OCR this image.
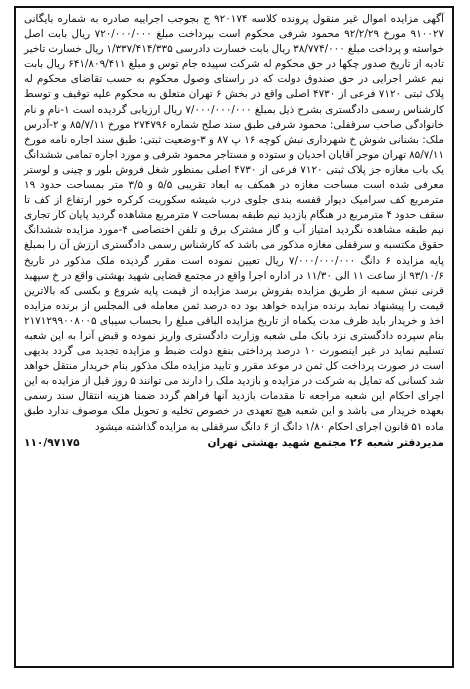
آگهی مزایده اموال غیر منقول پرونده کلاسه ۹۲۰۱۷۴ ج بجوجب اجراییه صادره به شماره بایگانی ۹۱۰۰۲۷ مورخ ۹۲/۲/۲۹ محمود شرفی محکوم است بپرداخت مبلغ ۷۲۰/۰۰۰/۰۰۰ ریال بابت اصل خواسته و پرداخت مبلغ ۳۸/۷۷۴/۰۰۰ ریال بابت خسارت دادرسی ۱/۳۳۷/۴۱۴/۳۳۵ ریال خسارت تاخیر تادیه از تاریخ صدور چکها در حق محکوم له شرکت سپیده جام توس و مبلغ ۶۴۱/۸۰۹/۴۱۱ ریال بابت نیم عشر اجرایی در حق صندوق دولت که در راستای وصول محکوم به حسب تقاضای محکوم له پلاک ثبتی ۷۱۲۰ فرعی از ۴۷۳۰ اصلی واقع در بخش ۶ تهران متعلق به محکوم علیه توقیف و توسط کارشناس رسمی دادگستری بشرح ذیل بمبلغ ۷/۰۰۰/۰۰۰/۰۰۰ ریال ارزیابی گردیده است ۱-نام و نام خانوادگی صاحب سرقفلی: محمود شرفی طبق سند صلح شماره ۲۷۴۷۹۶ مورخ ۸۵/۷/۱۱ و ۲-آدرس ملک: بشنانی شوش خ شهرداری نبش کوچه ۱۶ پ ۸۷ و ۳-وضعیت ثبتی: طبق سند اجاره نامه مورخ ۸۵/۷/۱۱ تهران موجر آقایان احدیان و ستوده و مستاجر محمود شرفی و مورد اجاره تمامی ششدانگ یک باب مغازه جز پلاک ثبتی ۷۱۲۰ فرعی از ۴۷۳۰ اصلی بمنظور شغل فروش بلور و چینی و لوستر معرفی شده است مساحت مغازه در همکف به ابعاد تقریبی ۵/۵ و ۳/۵ متر بمساحت حدود ۱۹ مترمربع کف سرامیک دیوار قفسه بندی جلوی درب شیشه سکوریت کرکره خور ارتفاع از کف تا سقف حدود ۴ مترمربع در هنگام بازدید نیم طبقه بمساحت ۷ مترمربع مشاهده گردید پایان کار تجاری نیم طبقه مشاهده نگردید امتیاز آب و گاز مشترک برق و تلفن اختصاصی ۴-مورد مزایده ششدانگ حقوق مکتسبه و سرقفلی مغازه مذکور می باشد که کارشناس رسمی دادگستری ارزش آن را بمبلغ پایه مزایده ۶ دانگ ۷/۰۰۰/۰۰۰/۰۰۰ ریال تعیین نموده است مقرر گردیده ملک مذکور در تاریخ ۹۳/۱۰/۶ از ساعت ۱۱ الی ۱۱/۳۰ در اداره اجرا واقع در مجتمع قضایی شهید بهشتی واقع در خ سپهبد قرنی نبش سمیه از طریق مزایده بفروش برسد مزایده از قیمت پایه شروع و بکسی که بالاترین قیمت را پیشنهاد نماید برنده مزایده خواهد بود ده درصد ثمن معامله فی المجلس از برنده مزایده اخذ و خریدار باید ظرف مدت یکماه از تاریخ مزایده الباقی مبلغ را بحساب سیبای ۲۱۷۱۲۹۹۰۰۸۰۰۵ بنام سپرده دادگستری نزد بانک ملی شعبه وزارت دادگستری واریز نموده و قبض آنرا به این شعبه تسلیم نماید در غیر اینصورت ۱۰ درصد پرداختی بنفع دولت ضبط و مزایده تجدید می گردد بدیهی است در صورت پرداخت کل ثمن در موعد مقرر و تایید مزایده ملک مذکور بنام خریدار منتقل خواهد شد کسانی که تمایل به شرکت در مزایده و بازدید ملک را دارند می توانند ۵ روز قبل از مزایده به این اجرای احکام این شعبه مراجعه تا مقدمات بازدید آنها فراهم گردد ضمنا هزینه انتقال سند رسمی بعهده خریدار می باشد و این شعبه هیچ تعهدی در خصوص تخلیه و تحویل ملک موصوف ندارد طبق ماده ۵۱ قانون اجرای احکام ۱/۸۰ دانگ از ۶ دانگ سرقفلی به مزایده گذاشته میشود

مدیردفتر شعبه ۲۶ مجتمع شهید بهشتی تهران
۱۱۰/۹۷۱۷۵
